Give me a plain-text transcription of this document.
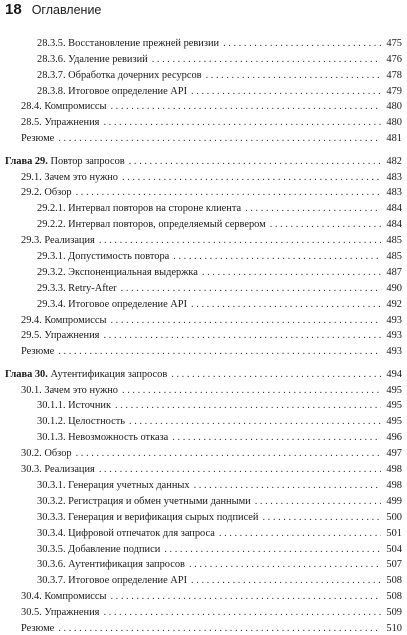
18 Оглавление
28.3.5. Восстановление прежней ревизии . . .	475
28.3.6. Удаление ревизий . . .	476
28.3.7. Обработка дочерних ресурсов . . .	478
28.3.8. Итоговое определение API . . .	479
28.4. Компромиссы . . .	480
28.5. Упражнения . . .	480
Резюме . . .	481
Глава 29. Повтор запросов . . .	482
29.1. Зачем это нужно . . .	483
29.2. Обзор . . .	483
29.2.1. Интервал повторов на стороне клиента . . .	484
29.2.2. Интервал повторов, определяемый сервером . . .	484
29.3. Реализация . . .	485
29.3.1. Допустимость повтора . . .	485
29.3.2. Экспоненциальная выдержка . . .	487
29.3.3. Retry-After . . .	490
29.3.4. Итоговое определение API . . .	492
29.4. Компромиссы . . .	493
29.5. Упражнения . . .	493
Резюме . . .	493
Глава 30. Аутентификация запросов . . .	494
30.1. Зачем это нужно . . .	495
30.1.1. Источник . . .	495
30.1.2. Целостность . . .	495
30.1.3. Невозможность отказа . . .	496
30.2. Обзор . . .	497
30.3. Реализация . . .	498
30.3.1. Генерация учетных данных . . .	498
30.3.2. Регистрация и обмен учетными данными . . .	499
30.3.3. Генерация и верификация сырых подписей . . .	500
30.3.4. Цифровой отпечаток для запроса . . .	501
30.3.5. Добавление подписи . . .	504
30.3.6. Аутентификация запросов . . .	507
30.3.7. Итоговое определение API . . .	508
30.4. Компромиссы . . .	508
30.5. Упражнения . . .	509
Резюме . . .	510
